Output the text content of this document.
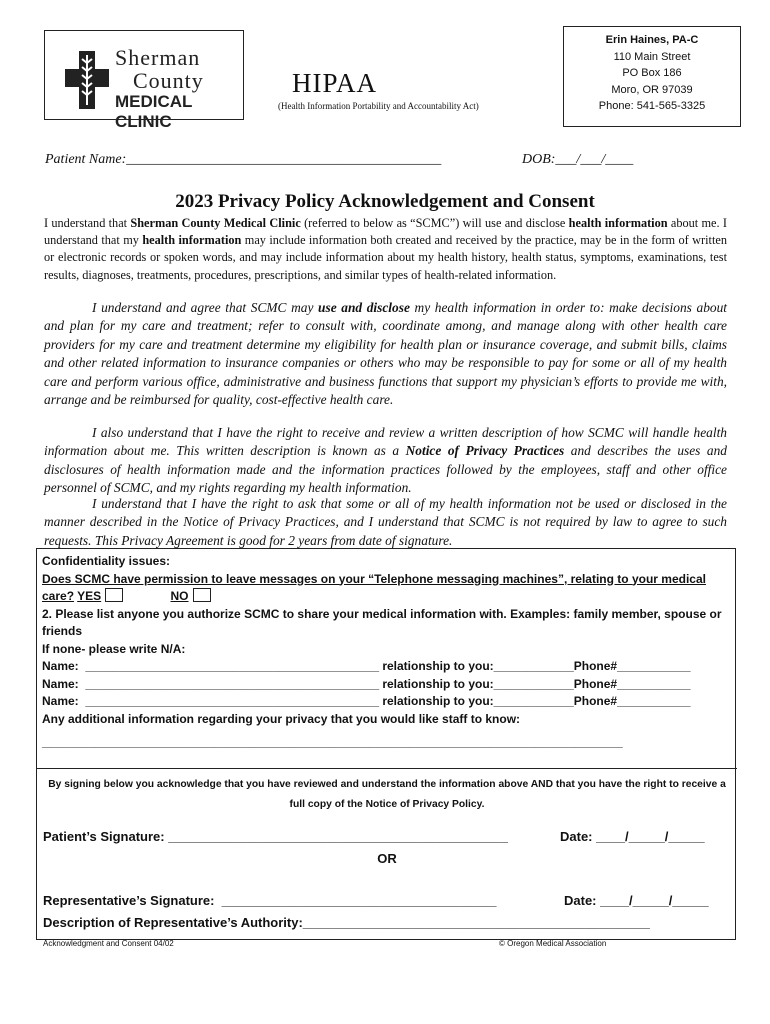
Sherman
County
MEDICAL CLINIC
HIPAA
(Health Information Portability and Accountability Act)
Erin Haines, PA-C
110 Main Street
PO Box 186
Moro, OR 97039
Phone: 541-565-3325
Patient Name:_____________________________________________	DOB:___/___/____
2023 Privacy Policy Acknowledgement and Consent
I understand that Sherman County Medical Clinic (referred to below as “SCMC”) will use and disclose health information about me. I understand that my health information may include information both created and received by the practice, may be in the form of written or electronic records or spoken words, and may include information about my health history, health status, symptoms, examinations, test results, diagnoses, treatments, procedures, prescriptions, and similar types of health-related information.
I understand and agree that SCMC may use and disclose my health information in order to: make decisions about and plan for my care and treatment; refer to consult with, coordinate among, and manage along with other health care providers for my care and treatment determine my eligibility for health plan or insurance coverage, and submit bills, claims and other related information to insurance companies or others who may be responsible to pay for some or all of my health care and perform various office, administrative and business functions that support my physician’s efforts to provide me with, arrange and be reimbursed for quality, cost-effective health care.
I also understand that I have the right to receive and review a written description of how SCMC will handle health information about me. This written description is known as a Notice of Privacy Practices and describes the uses and disclosures of health information made and the information practices followed by the employees, staff and other office personnel of SCMC, and my rights regarding my health information.
I understand that I have the right to ask that some or all of my health information not be used or disclosed in the manner described in the Notice of Privacy Practices, and I understand that SCMC is not required by law to agree to such requests. This Privacy Agreement is good for 2 years from date of signature.
Confidentiality issues:
Does SCMC have permission to leave messages on your “Telephone messaging machines”, relating to your medical care? YES	NO
2. Please list anyone you authorize SCMC to share your medical information with. Examples: family member, spouse or friends
If none- please write N/A:
Name:  ____________________________________________ relationship to you:____________Phone#___________
Name:  ____________________________________________ relationship to you:____________Phone#___________
Name:  ____________________________________________ relationship to you:____________Phone#___________
Any additional information regarding your privacy that you would like staff to know:
_______________________________________________________________________________________
By signing below you acknowledge that you have reviewed and understand the information above AND that you have the right to receive a full copy of the Notice of Privacy Policy.
Patient’s Signature: _______________________________________________	Date: ____/_____/_____
OR
Representative’s Signature:  ______________________________________	Date: ____/_____/_____
Description of Representative’s Authority:________________________________________________
Acknowledgment and Consent 04/02	© Oregon Medical Association
